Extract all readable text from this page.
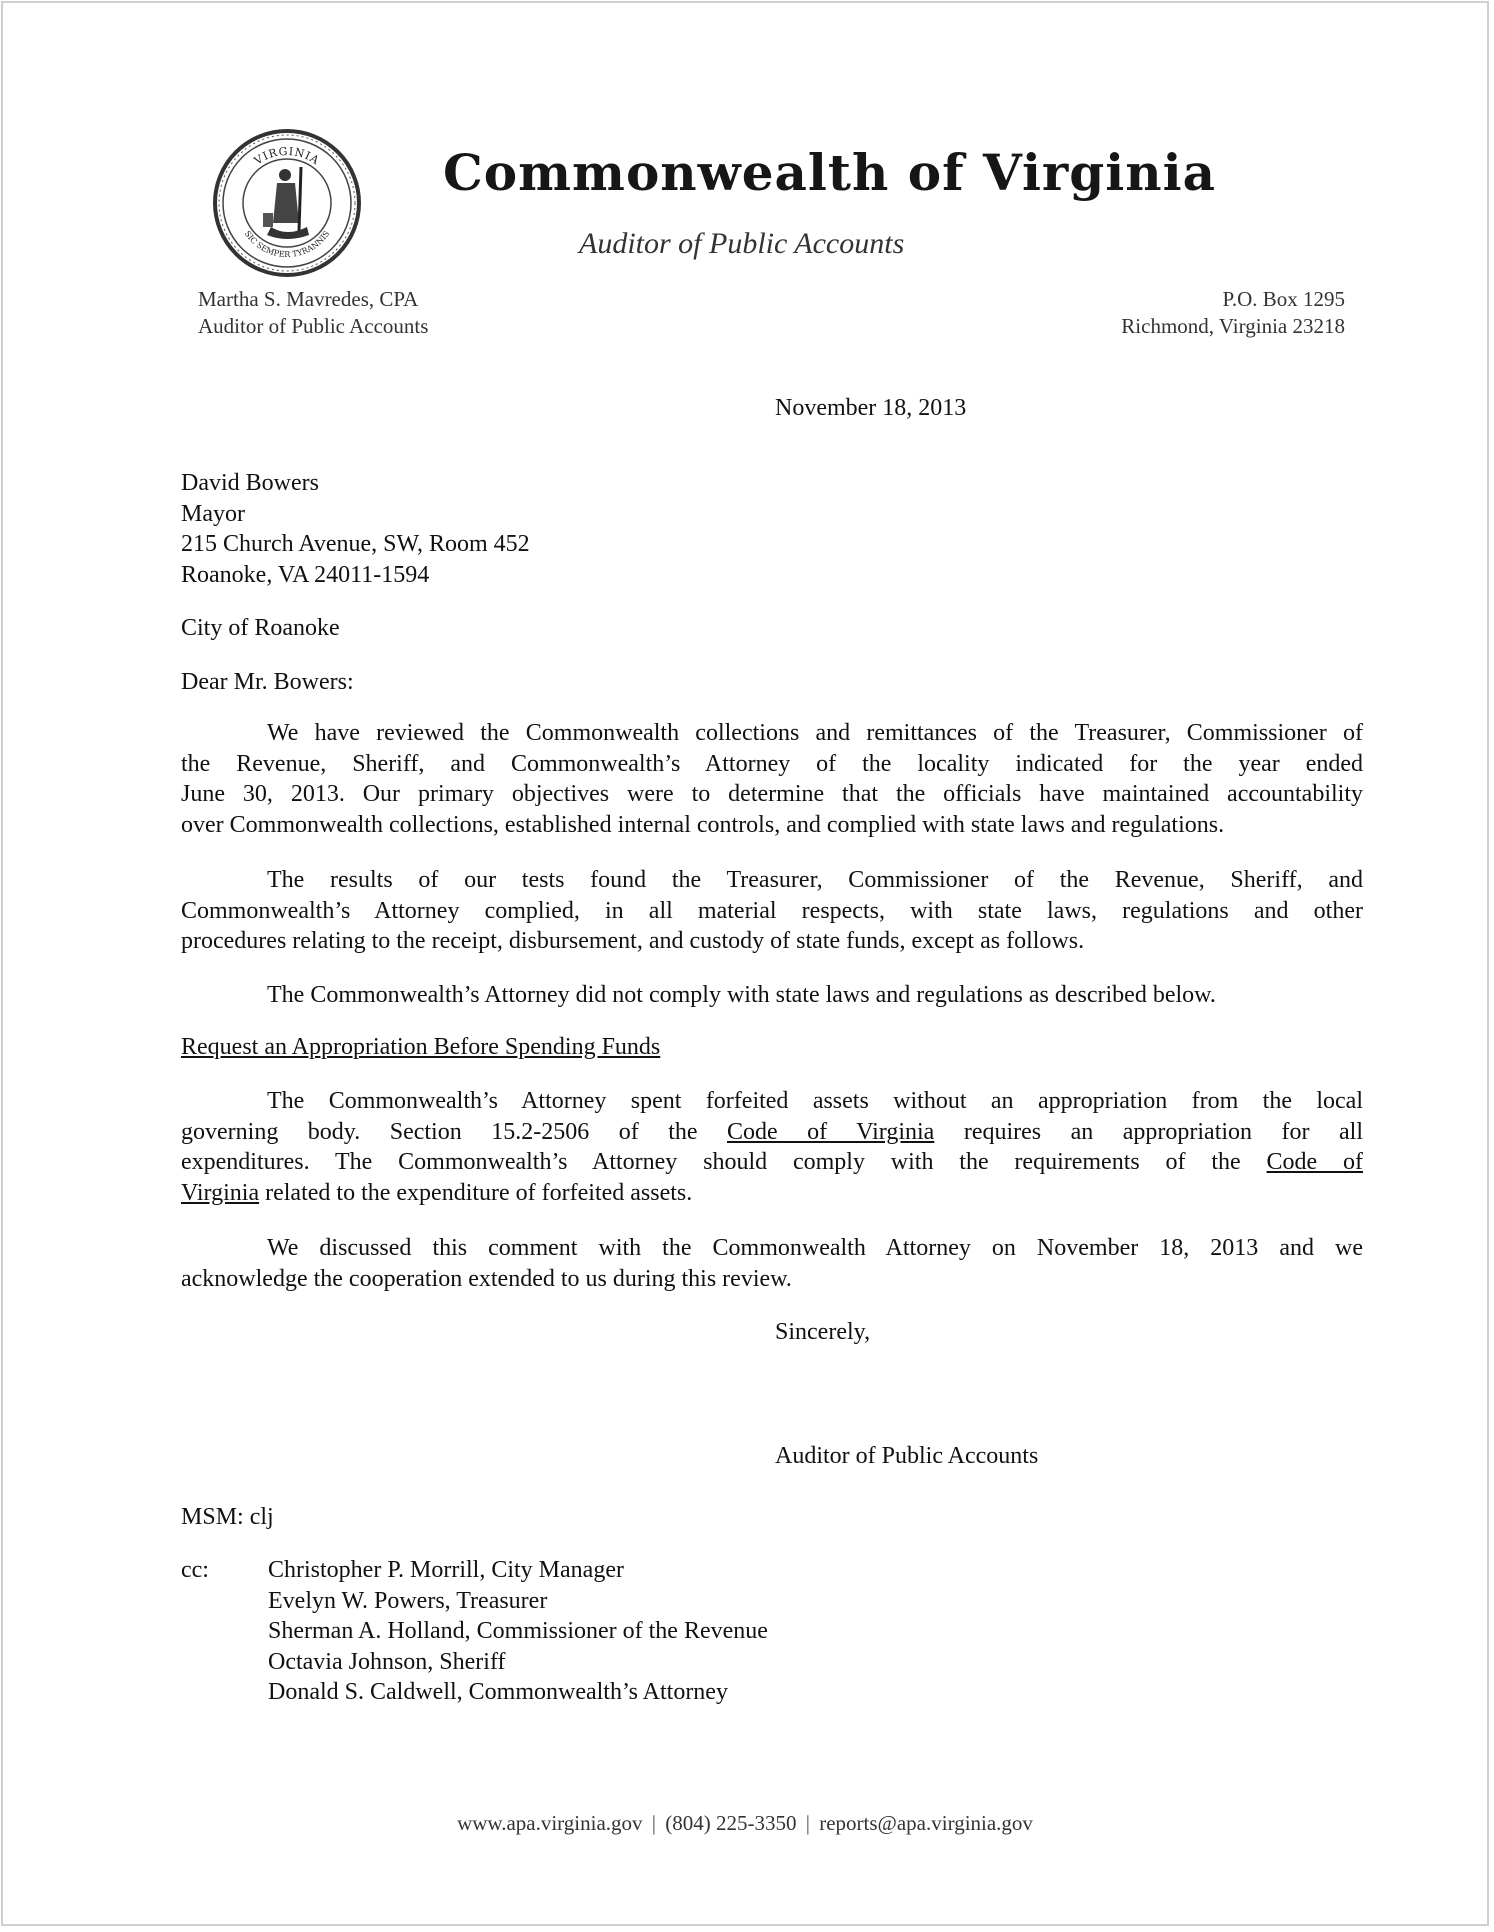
VIRGINIA
SIC SEMPER TYRANNIS
Commonwealth of Virginia
Auditor of Public Accounts
Martha S. Mavredes, CPA
Auditor of Public Accounts
P.O. Box 1295
Richmond, Virginia 23218
November 18, 2013
David Bowers
Mayor
215 Church Avenue, SW, Room 452
Roanoke, VA 24011-1594
City of Roanoke
Dear Mr. Bowers:
We have reviewed the Commonwealth collections and remittances of the Treasurer, Commissioner of
the Revenue, Sheriff, and Commonwealth’s Attorney of the locality indicated for the year ended
June 30, 2013. Our primary objectives were to determine that the officials have maintained accountability
over Commonwealth collections, established internal controls, and complied with state laws and regulations.
The results of our tests found the Treasurer, Commissioner of the Revenue, Sheriff, and
Commonwealth’s Attorney complied, in all material respects, with state laws, regulations and other
procedures relating to the receipt, disbursement, and custody of state funds, except as follows.
The Commonwealth’s Attorney did not comply with state laws and regulations as described below.
Request an Appropriation Before Spending Funds
The Commonwealth’s Attorney spent forfeited assets without an appropriation from the local
governing body. Section 15.2-2506 of the Code of Virginia requires an appropriation for all
expenditures. The Commonwealth’s Attorney should comply with the requirements of the Code of
Virginia related to the expenditure of forfeited assets.
We discussed this comment with the Commonwealth Attorney on November 18, 2013 and we
acknowledge the cooperation extended to us during this review.
Sincerely,
Auditor of Public Accounts
MSM: clj
cc: Christopher P. Morrill, City Manager
Evelyn W. Powers, Treasurer
Sherman A. Holland, Commissioner of the Revenue
Octavia Johnson, Sheriff
Donald S. Caldwell, Commonwealth’s Attorney
www.apa.virginia.gov | (804) 225-3350 | reports@apa.virginia.gov
